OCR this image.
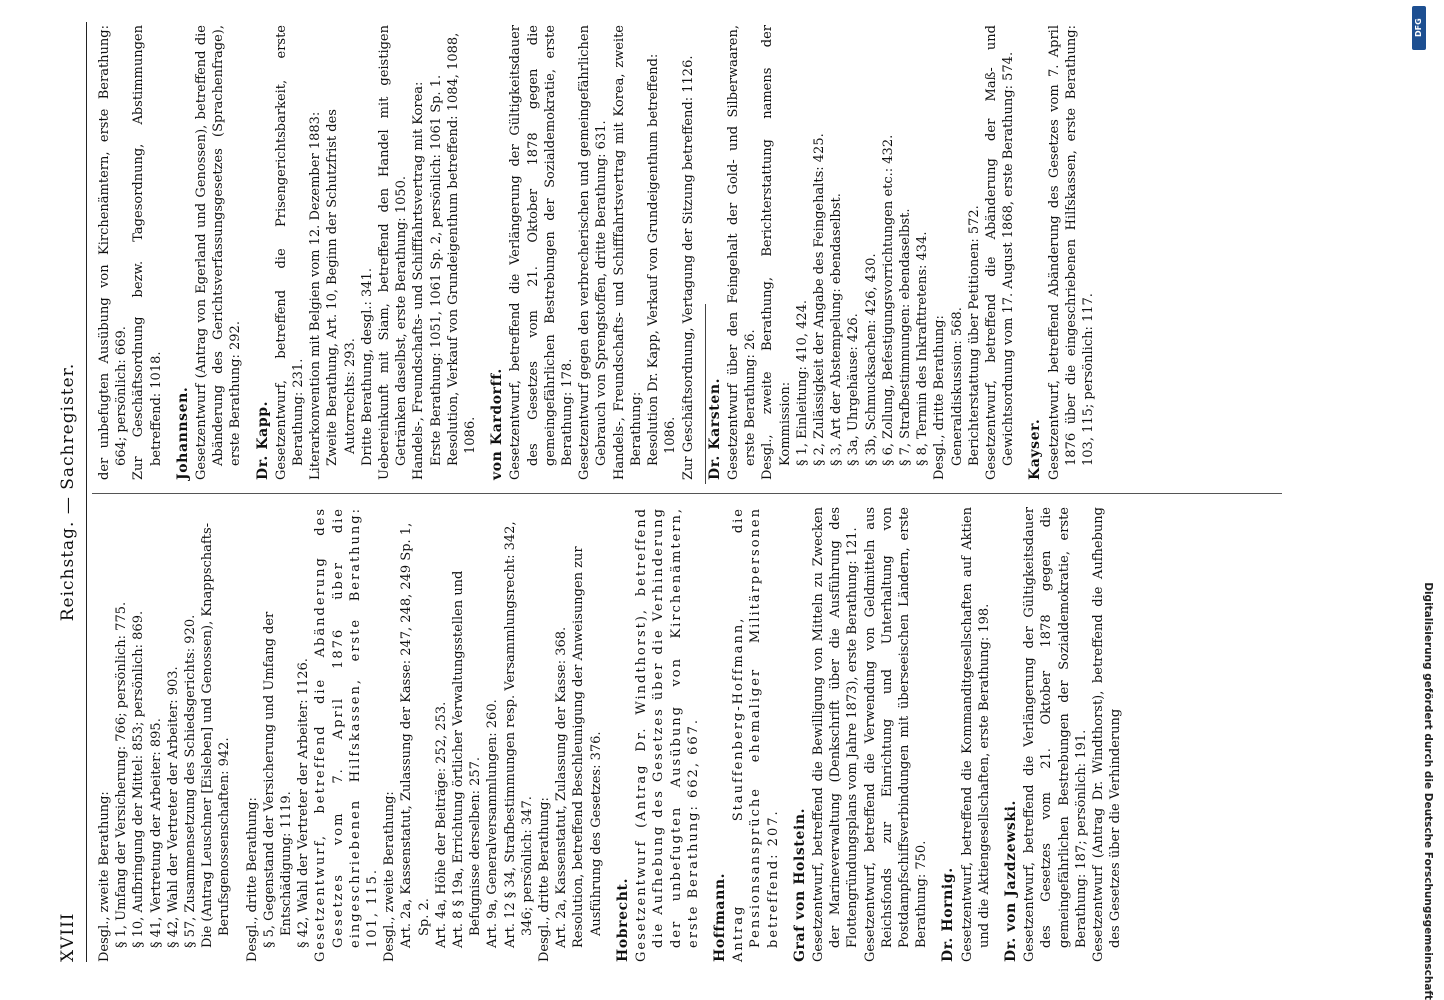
XVIII
Reichstag. — Sachregister.

Desgl., zweite Berathung: § 1, Umfang der Versicherung: 766; persönlich: 775. § 10, Aufbringung der Mittel: 853; persönlich: 869. § 41, Vertretung der Arbeiter: 895. § 42, Wahl der Vertreter der Arbeiter: 903. § 57, Zusammensetzung des Schiedsgerichts: 920. Die (Antrag Leuschner [Eisleben] und Genossen), Knappschafts-Berufsgenossenschaften: 942. Desgl., dritte Berathung: § 5, Gegenstand der Versicherung und Umfang der Entschädigung: 1119. § 42, Wahl der Vertreter der Arbeiter: 1126. Gesetzentwurf, betreffend die Abänderung des Gesetzes vom 7. April 1876 über die eingeschriebenen Hilfskassen, erste Berathung: 101, 115. Desgl., zweite Berathung: Art. 2a, Kassenstatut, Zulassung der Kasse: 247, 248, 249 Sp. 1, Sp. 2. Art. 4a, Höhe der Beiträge: 252, 253. Art. 8 § 19a, Errichtung örtlicher Verwaltungsstellen und Befugnisse derselben: 257. Art. 9a, Generalversammlungen: 260. Art. 12 § 34, Strafbestimmungen resp. Versammlungsrecht: 342, 346; persönlich: 347. Desgl., dritte Berathung: Art. 2a, Kassenstatut, Zulassung der Kasse: 368. Resolution, betreffend Beschleunigung der Anweisungen zur Ausführung des Gesetzes: 376. Hobrecht. Gesetzentwurf (Antrag Dr. Windthorst), betreffend die Aufhebung des Gesetzes über die Verhinderung der unbefugten Ausübung von Kirchenämtern, erste Berathung: 662, 667. Hoffmann. Antrag Stauffenberg-Hoffmann, die Pensionsansprüche ehemaliger Militärpersonen betreffend: 207. Graf von Holstein. Gesetzentwurf, betreffend die Bewilligung von Mitteln zu Zwecken der Marineverwaltung (Denkschrift über die Ausführung des Flottengründungsplans vom Jahre 1873), erste Berathung: 121. Gesetzentwurf, betreffend die Verwendung von Geldmitteln aus Reichsfonds zur Einrichtung und Unterhaltung von Postdampfschiffsverbindungen mit überseeischen Ländern, erste Berathung: 750. Dr. Hornig. Gesetzentwurf, betreffend die Kommanditgesellschaften auf Aktien und die Aktiengesellschaften, erste Berathung: 198. Dr. von Jazdzewski. Gesetzentwurf, betreffend die Verlängerung der Gültigkeitsdauer des Gesetzes vom 21. Oktober 1878 gegen die gemeingefährlichen Bestrebungen der Sozialdemokratie, erste Berathung: 187; persönlich: 191. Gesetzentwurf (Antrag Dr. Windthorst), betreffend die Aufhebung des Gesetzes über die Verhinderung

der unbefugten Ausübung von Kirchenämtern, erste Berathung: 664; persönlich: 669. Zur Geschäftsordnung bezw. Tagesordnung, Abstimmungen betreffend: 1018. Johannsen. Gesetzentwurf (Antrag von Egerland und Genossen), betreffend die Abänderung des Gerichtsverfassungsgesetzes (Sprachenfrage), erste Berathung: 292. Dr. Kapp. Gesetzentwurf, betreffend die Prisengerichtsbarkeit, erste Berathung: 231. Literarkonvention mit Belgien vom 12. Dezember 1883: Zweite Berathung, Art. 10, Beginn der Schutzfrist des Autorrechts: 293. Dritte Berathung, desgl.: 341. Uebereinkunft mit Siam, betreffend den Handel mit geistigen Getränken daselbst, erste Berathung: 1050. Handels-, Freundschafts- und Schifffahrtsvertrag mit Korea: Erste Berathung: 1051, 1061 Sp. 2, persönlich: 1061 Sp. 1. Resolution, Verkauf von Grundeigenthum betreffend: 1084, 1088, 1086. von Kardorff. Gesetzentwurf, betreffend die Verlängerung der Gültigkeitsdauer des Gesetzes vom 21. Oktober 1878 gegen die gemeingefährlichen Bestrebungen der Sozialdemokratie, erste Berathung: 178. Gesetzentwurf gegen den verbrecherischen und gemeingefährlichen Gebrauch von Sprengstoffen, dritte Berathung: 631. Handels-, Freundschafts- und Schifffahrtsvertrag mit Korea, zweite Berathung: Resolution Dr. Kapp, Verkauf von Grundeigenthum betreffend: 1086. Zur Geschäftsordnung, Vertagung der Sitzung betreffend: 1126. Dr. Karsten. Gesetzentwurf über den Feingehalt der Gold- und Silberwaaren, erste Berathung: 26. Desgl., zweite Berathung, Berichterstattung namens der Kommission: § 1, Einleitung: 410, 424. § 2, Zulässigkeit der Angabe des Feingehalts: 425. § 3, Art der Abstempelung: ebendaselbst. § 3a, Uhrgehäuse: 426. § 3b, Schmucksachen: 426, 430. § 6, Zollung, Befestigungsvorrichtungen etc.: 432. § 7, Strafbestimmungen: ebendaselbst. § 8, Termin des Inkrafttretens: 434. Desgl., dritte Berathung: Generaldiskussion: 568. Berichterstattung über Petitionen: 572. Gesetzentwurf, betreffend die Abänderung der Maß- und Gewichtsordnung vom 17. August 1868, erste Berathung: 574. Kayser. Gesetzentwurf, betreffend Abänderung des Gesetzes vom 7. April 1876 über die eingeschriebenen Hilfskassen, erste Berathung: 103, 115; persönlich: 117.

DFG
Digitalisierung gefördert durch die Deutsche Forschungsgemeinschaft
